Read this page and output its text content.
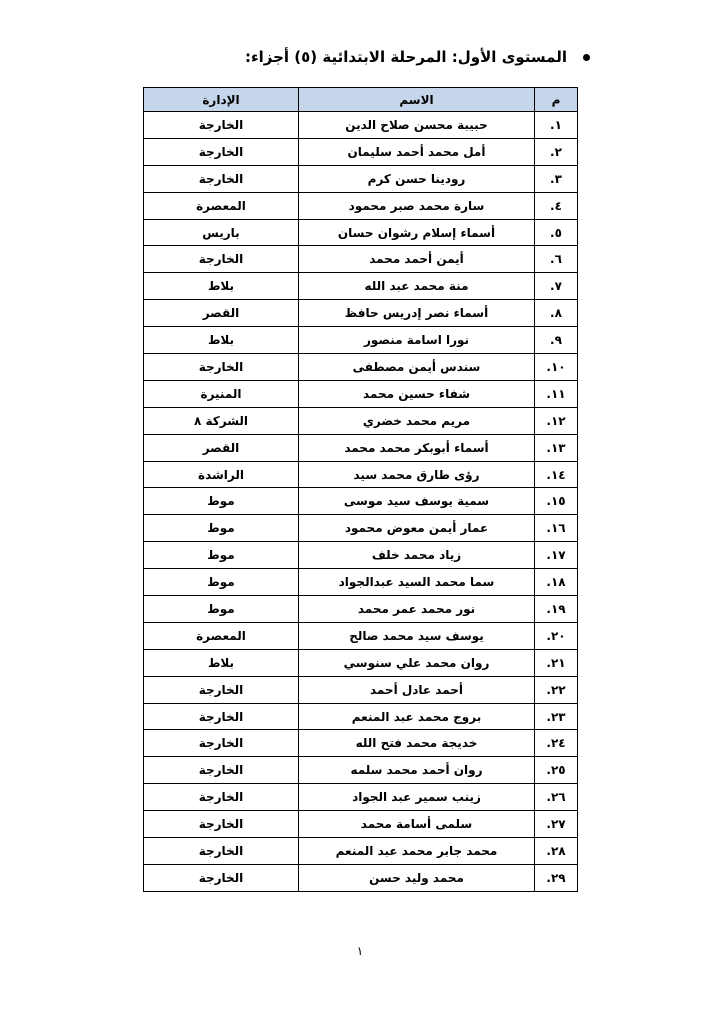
المستوى الأول
:

المرحلة الابتدائية (٥) أجزاء:
م	الاسم	الإدارة
١.	حبيبة محسن صلاح الدين	الخارجة
٢.	أمل محمد أحمد سليمان	الخارجة
٣.	رودينا حسن كرم	الخارجة
٤.	سارة محمد صبر محمود	المعصرة
٥.	أسماء إسلام رشوان حسان	باريس
٦.	أيمن أحمد محمد	الخارجة
٧.	منة محمد عبد الله	بلاط
٨.	أسماء نصر إدريس حافظ	القصر
٩.	نورا اسامة منصور	بلاط
١٠.	سندس أيمن مصطفى	الخارجة
١١.	شفاء حسين محمد	المنيرة
١٢.	مريم محمد خضري	الشركة ٨
١٣.	أسماء أبوبكر محمد محمد	القصر
١٤.	رؤى طارق محمد سيد	الراشدة
١٥.	سمية يوسف سيد موسى	موط
١٦.	عمار أيمن معوض محمود	موط
١٧.	زياد محمد خلف	موط
١٨.	سما محمد السيد عبدالجواد	موط
١٩.	نور محمد عمر محمد	موط
٢٠.	يوسف سيد محمد صالح	المعصرة
٢١.	روان محمد علي سنوسي	بلاط
٢٢.	أحمد عادل أحمد	الخارجة
٢٣.	بروج محمد عبد المنعم	الخارجة
٢٤.	خديجة محمد فتح الله	الخارجة
٢٥.	روان أحمد محمد سلمه	الخارجة
٢٦.	زينب سمير عبد الجواد	الخارجة
٢٧.	سلمى أسامة محمد	الخارجة
٢٨.	محمد جابر محمد عبد المنعم	الخارجة
٢٩.	محمد وليد حسن	الخارجة
١
